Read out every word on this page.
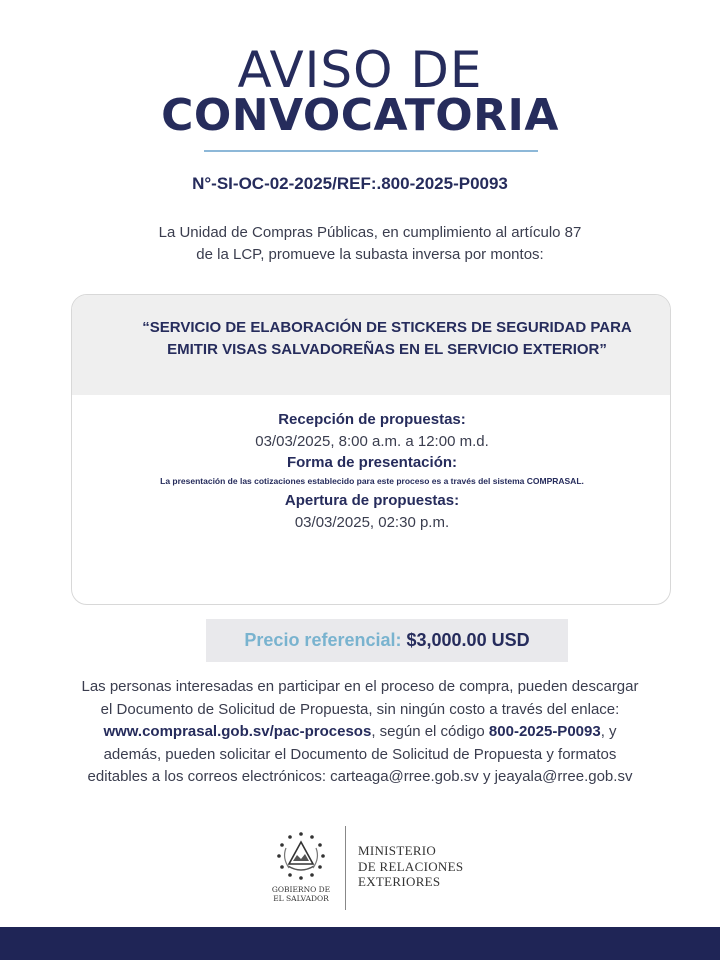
AVISO DE
CONVOCATORIA
N°-SI-OC-02-2025/REF:.800-2025-P0093
La Unidad de Compras Públicas, en cumplimiento al artículo 87
de la LCP, promueve la subasta inversa por montos:
“SERVICIO DE ELABORACIÓN DE STICKERS DE SEGURIDAD PARA
EMITIR VISAS SALVADOREÑAS EN EL SERVICIO EXTERIOR”
Recepción de propuestas:
03/03/2025, 8:00 a.m. a 12:00 m.d.
Forma de presentación:
La presentación de las cotizaciones establecido para este proceso es a través del sistema COMPRASAL.
Apertura de propuestas:
03/03/2025, 02:30 p.m.
Precio referencial: $3,000.00 USD
Las personas interesadas en participar en el proceso de compra, pueden descargar el Documento de Solicitud de Propuesta, sin ningún costo a través del enlace: www.comprasal.gob.sv/pac-procesos, según el código 800-2025-P0093, y además, pueden solicitar el Documento de Solicitud de Propuesta y formatos editables a los correos electrónicos: carteaga@rree.gob.sv y jeayala@rree.gob.sv
GOBIERNO DE
EL SALVADOR
MINISTERIO
DE RELACIONES
EXTERIORES
